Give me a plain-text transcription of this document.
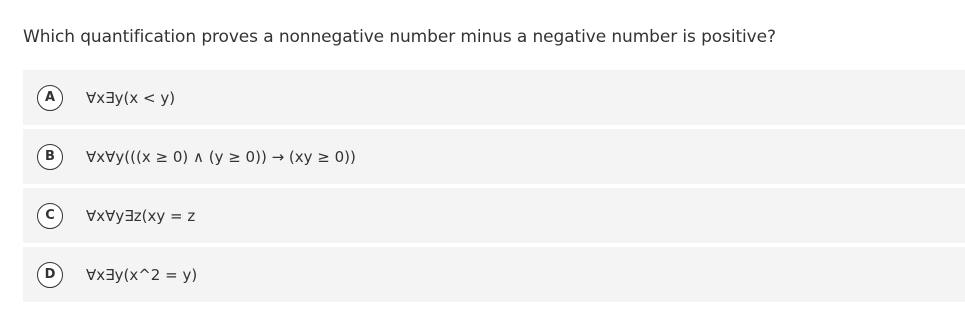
Which quantification proves a nonnegative number minus a negative number is positive?
A	∀x∃y(x < y)
B	∀x∀y(((x ≥ 0) ∧ (y ≥ 0)) → (xy ≥ 0))
C	∀x∀y∃z(xy = z
D	∀x∃y(x^2 = y)
